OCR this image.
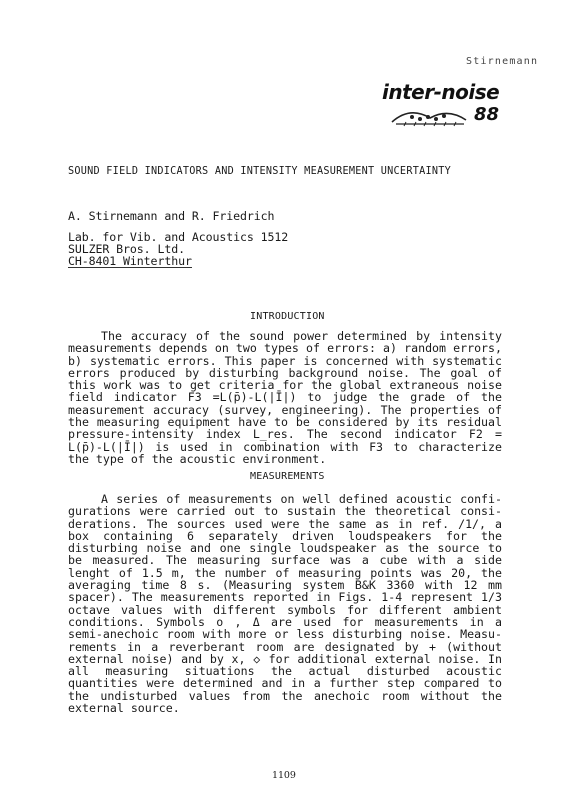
Stirnemann
inter-noise
88
SOUND FIELD INDICATORS AND INTENSITY MEASUREMENT UNCERTAINTY
A. Stirnemann and R. Friedrich
Lab. for Vib. and Acoustics 1512
SULZER Bros. Ltd.
CH-8401 Winterthur
INTRODUCTION
The accuracy of the sound power determined by intensity
measurements depends on two types of errors: a) random errors,
b) systematic errors. This paper is concerned with systematic
errors produced by disturbing background noise. The goal of
this work was to get criteria for the global extraneous noise
field indicator F3 =L(p̄)-L(|Ī|) to judge the grade of the
measurement accuracy (survey, engineering). The properties of
the measuring equipment have to be considered by its residual
pressure-intensity index L_res. The second indicator F2 =
L(p̄)-L(|Ī|) is used in combination with F3 to characterize
the type of the acoustic environment.
MEASUREMENTS
A series of measurements on well defined acoustic confi-
gurations were carried out to sustain the theoretical consi-
derations. The sources used were the same as in ref. /1/, a
box containing 6 separately driven loudspeakers for the
disturbing noise and one single loudspeaker as the source to
be measured. The measuring surface was a cube with a side
lenght of 1.5 m, the number of measuring points was 20, the
averaging time 8 s. (Measuring system B&K 3360 with 12 mm
spacer). The measurements reported in Figs. 1-4 represent 1/3
octave values with different symbols for different ambient
conditions. Symbols o , Δ are used for measurements in a
semi-anechoic room with more or less disturbing noise. Measu-
rements in a reverberant room are designated by + (without
external noise) and by x, ◇ for additional external noise. In
all measuring situations the actual disturbed acoustic
quantities were determined and in a further step compared to
the undisturbed values from the anechoic room without the
external source.
1109
